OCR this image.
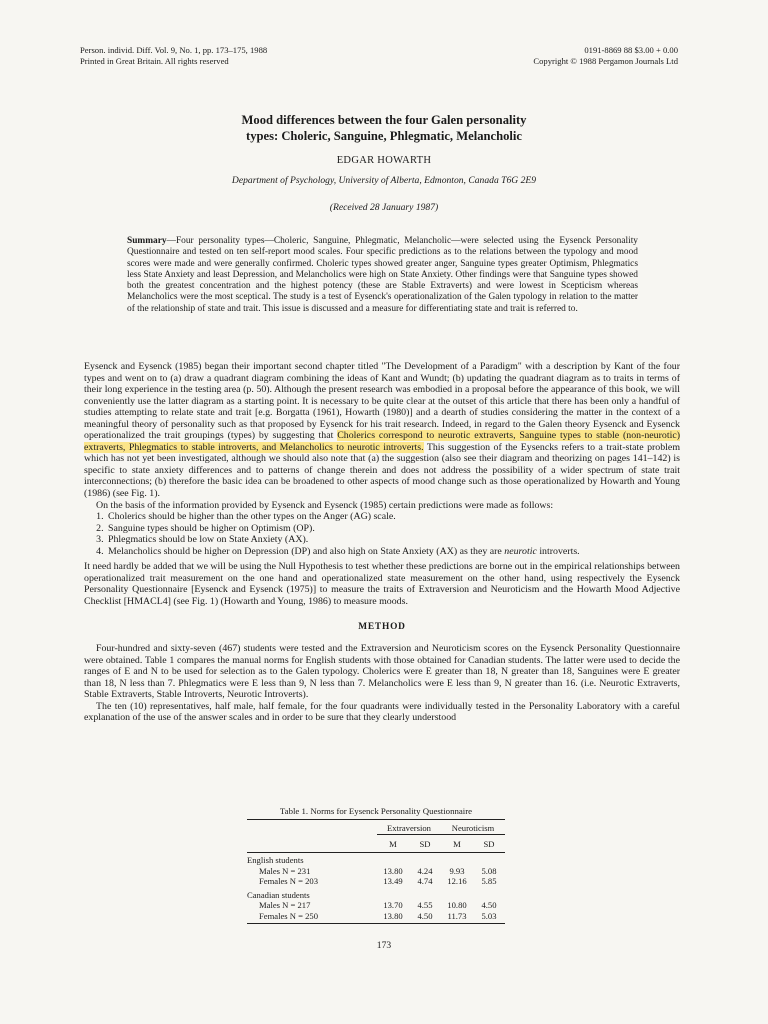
Person. individ. Diff. Vol. 9, No. 1, pp. 173–175, 1988
Printed in Great Britain. All rights reserved
0191-8869 88 $3.00 + 0.00
Copyright © 1988 Pergamon Journals Ltd
Mood differences between the four Galen personality
types: Choleric, Sanguine, Phlegmatic, Melancholic
EDGAR HOWARTH
Department of Psychology, University of Alberta, Edmonton, Canada T6G 2E9
(Received 28 January 1987)

Summary—Four personality types—Choleric, Sanguine, Phlegmatic, Melancholic—were selected using the Eysenck Personality Questionnaire and tested on ten self-report mood scales. Four specific predictions as to the relations between the typology and mood scores were made and were generally confirmed. Choleric types showed greater anger, Sanguine types greater Optimism, Phlegmatics less State Anxiety and least Depression, and Melancholics were high on State Anxiety. Other findings were that Sanguine types showed both the greatest concentration and the highest potency (these are Stable Extraverts) and were lowest in Scepticism whereas Melancholics were the most sceptical. The study is a test of Eysenck's operationalization of the Galen typology in relation to the matter of the relationship of state and trait. This issue is discussed and a measure for differentiating state and trait is referred to.

Eysenck and Eysenck (1985) began their important second chapter titled "The Development of a Paradigm" with a description by Kant of the four types and went on to (a) draw a quadrant diagram combining the ideas of Kant and Wundt; (b) updating the quadrant diagram as to traits in terms of their long experience in the testing area (p. 50). Although the present research was embodied in a proposal before the appearance of this book, we will conveniently use the latter diagram as a starting point. It is necessary to be quite clear at the outset of this article that there has been only a handful of studies attempting to relate state and trait [e.g. Borgatta (1961), Howarth (1980)] and a dearth of studies considering the matter in the context of a meaningful theory of personality such as that proposed by Eysenck for his trait research. Indeed, in regard to the Galen theory Eysenck and Eysenck operationalized the trait groupings (types) by suggesting that Cholerics correspond to neurotic extraverts, Sanguine types to stable (non-neurotic) extraverts, Phlegmatics to stable introverts, and Melancholics to neurotic introverts. This suggestion of the Eysencks refers to a trait-state problem which has not yet been investigated, although we should also note that (a) the suggestion (also see their diagram and theorizing on pages 141–142) is specific to state anxiety differences and to patterns of change therein and does not address the possibility of a wider spectrum of state trait interconnections; (b) therefore the basic idea can be broadened to other aspects of mood change such as those operationalized by Howarth and Young (1986) (see Fig. 1).

On the basis of the information provided by Eysenck and Eysenck (1985) certain predictions were made as follows:

1. Cholerics should be higher than the other types on the Anger (AG) scale.
2. Sanguine types should be higher on Optimism (OP).
3. Phlegmatics should be low on State Anxiety (AX).
4. Melancholics should be higher on Depression (DP) and also high on State Anxiety (AX) as they are neurotic introverts.

It need hardly be added that we will be using the Null Hypothesis to test whether these predictions are borne out in the empirical relationships between operationalized trait measurement on the one hand and operationalized state measurement on the other hand, using respectively the Eysenck Personality Questionnaire [Eysenck and Eysenck (1975)] to measure the traits of Extraversion and Neuroticism and the Howarth Mood Adjective Checklist [HMACL4] (see Fig. 1) (Howarth and Young, 1986) to measure moods.

METHOD

Four-hundred and sixty-seven (467) students were tested and the Extraversion and Neuroticism scores on the Eysenck Personality Questionnaire were obtained. Table 1 compares the manual norms for English students with those obtained for Canadian students. The latter were used to decide the ranges of E and N to be used for selection as to the Galen typology. Cholerics were E greater than 18, N greater than 18, Sanguines were E greater than 18, N less than 7. Phlegmatics were E less than 9, N less than 7. Melancholics were E less than 9, N greater than 16. (i.e. Neurotic Extraverts, Stable Extraverts, Stable Introverts, Neurotic Introverts).

The ten (10) representatives, half male, half female, for the four quadrants were individually tested in the Personality Laboratory with a careful explanation of the use of the answer scales and in order to be sure that they clearly understood

Table 1. Norms for Eysenck Personality Questionnaire
	Extraversion		Neuroticism	
	M	SD	M	SD
English students				
Males N = 231	13.80	4.24	9.93	5.08
Females N = 203	13.49	4.74	12.16	5.85
Canadian students				
Males N = 217	13.70	4.55	10.80	4.50
Females N = 250	13.80	4.50	11.73	5.03
173
